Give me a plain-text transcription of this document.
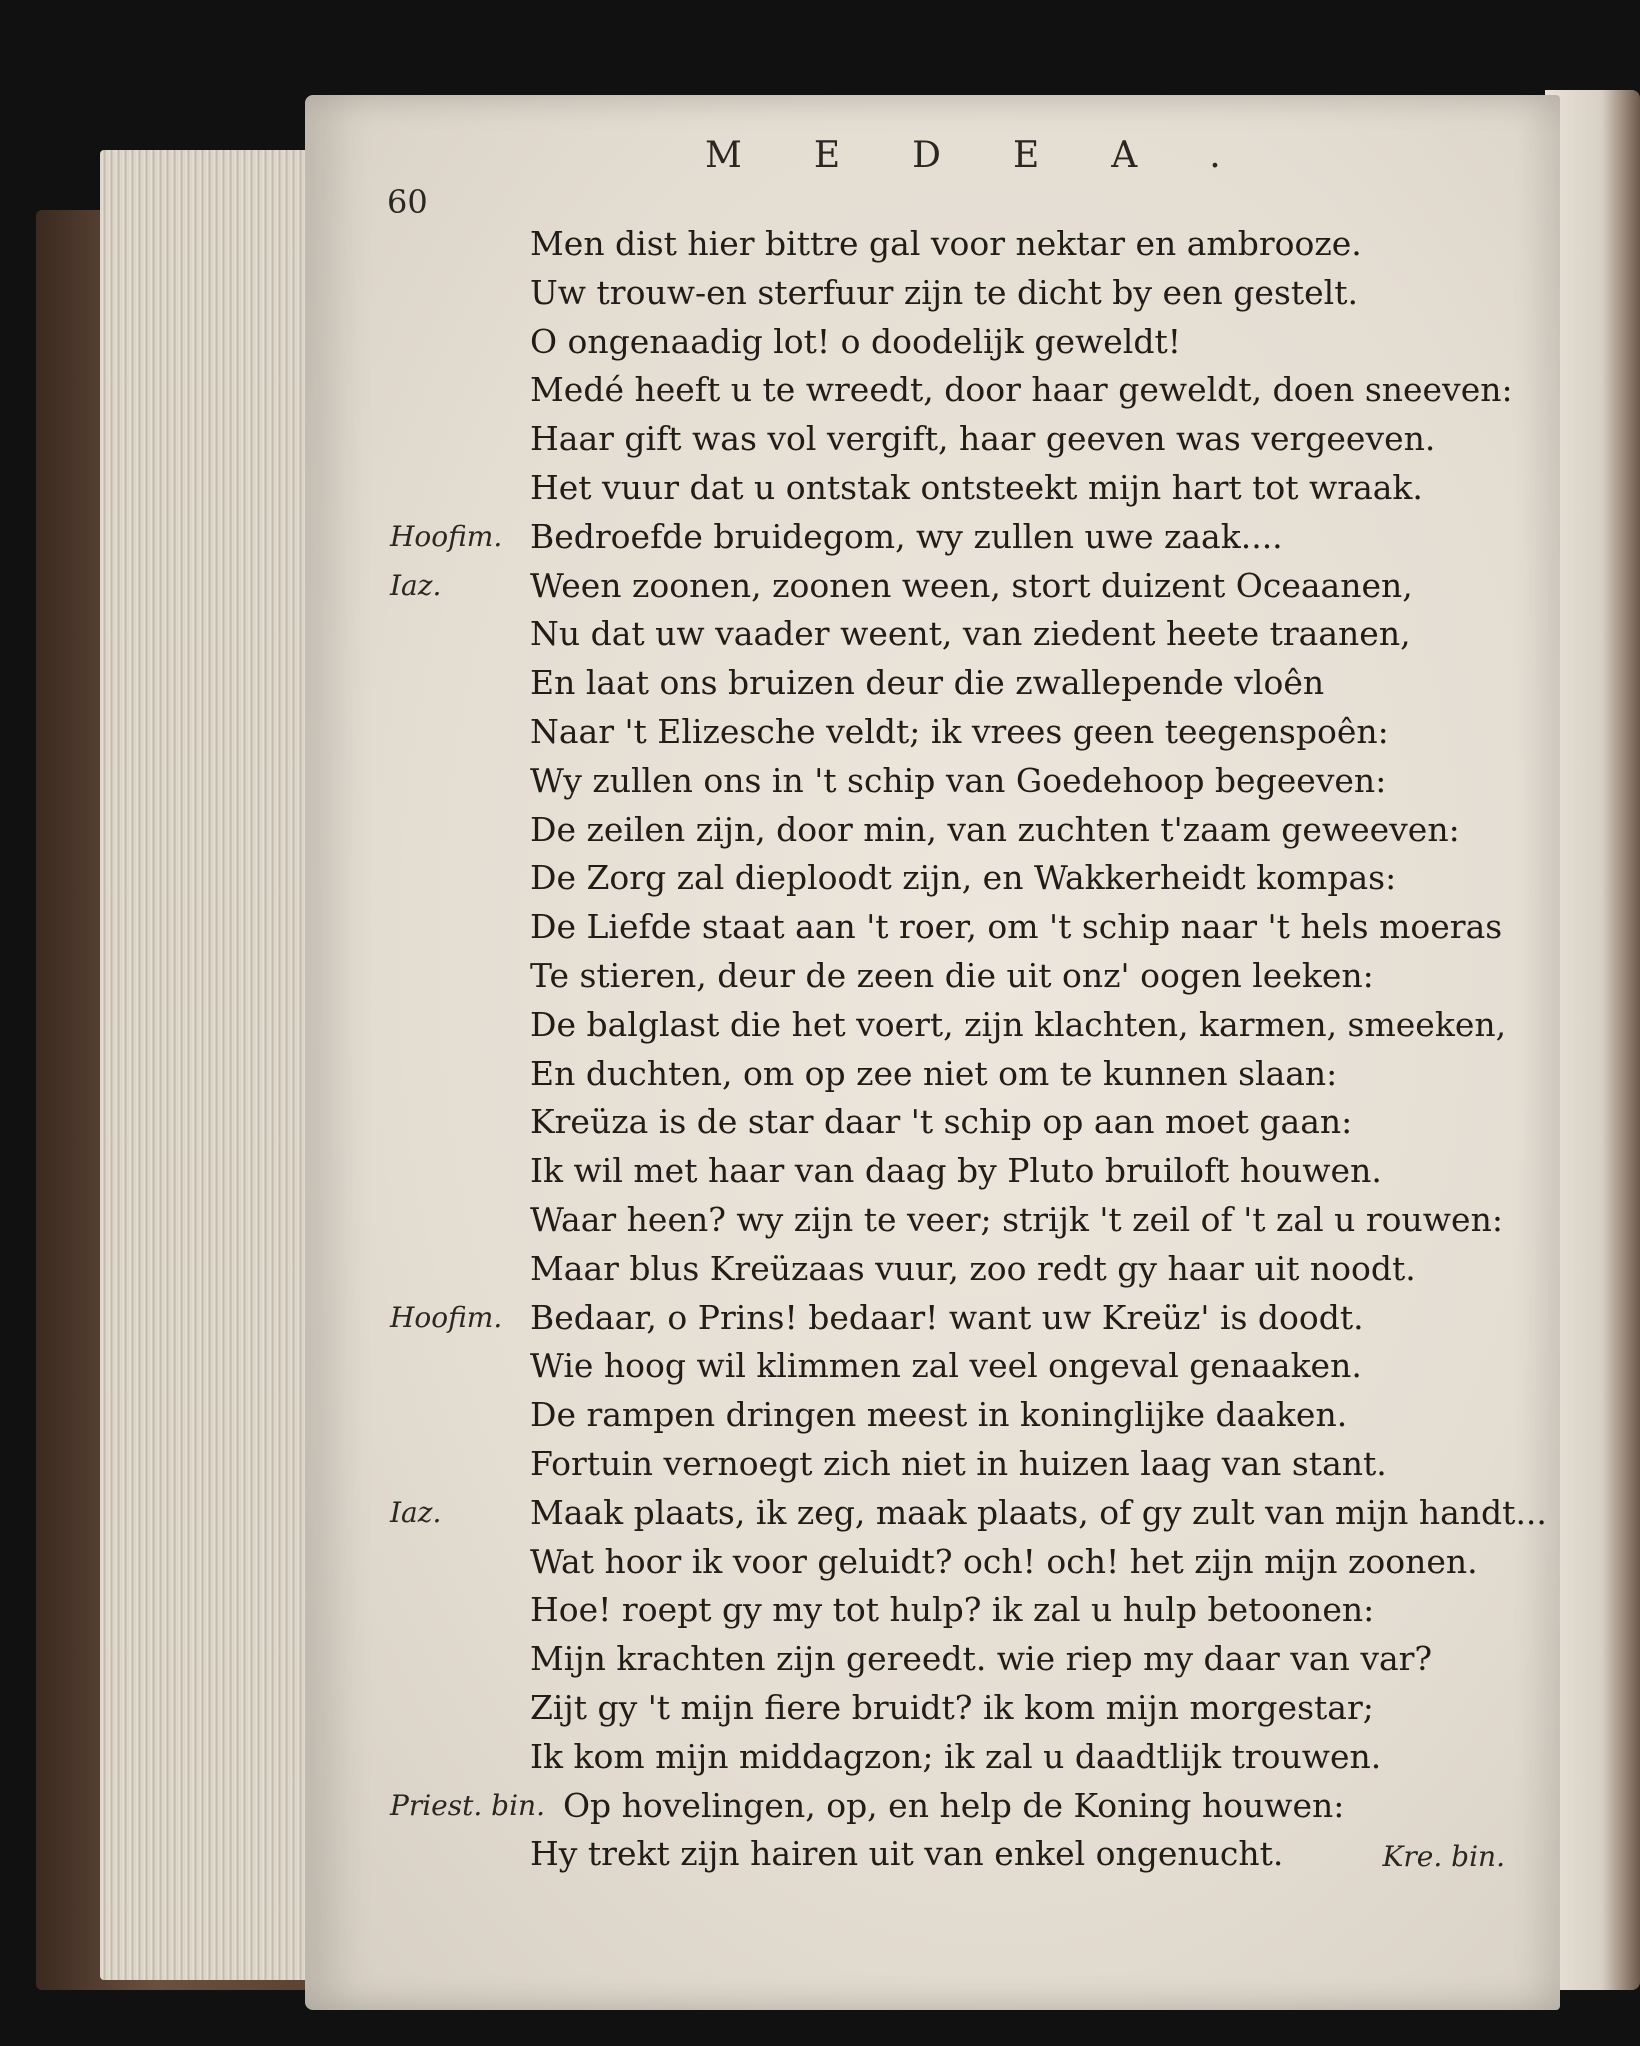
60
MEDEA.
Men dist hier bittre gal voor nektar en ambrooze.
Uw trouw-en sterfuur zijn te dicht by een gestelt.
O ongenaadig lot! o doodelijk geweldt!
Medé heeft u te wreedt, door haar geweldt, doen sneeven:
Haar gift was vol vergift, haar geeven was vergeeven.
Het vuur dat u ontstak ontsteekt mijn hart tot wraak.
Hoofim. Bedroefde bruidegom, wy zullen uwe zaak....
Iaz.	Ween zoonen, zoonen ween, stort duizent Oceaanen,
Nu dat uw vaader weent, van ziedent heete traanen,
En laat ons bruizen deur die zwallepende vloên
Naar 't Elizesche veldt; ik vrees geen teegenspoên:
Wy zullen ons in 't schip van Goedehoop begeeven:
De zeilen zijn, door min, van zuchten t'zaam geweeven:
De Zorg zal dieploodt zijn, en Wakkerheidt kompas:
De Liefde staat aan 't roer, om 't schip naar 't hels moeras
Te stieren, deur de zeen die uit onz' oogen leeken:
De balglast die het voert, zijn klachten, karmen, smeeken,
En duchten, om op zee niet om te kunnen slaan:
Kreüza is de star daar 't schip op aan moet gaan:
Ik wil met haar van daag by Pluto bruiloft houwen.
Waar heen? wy zijn te veer; strijk 't zeil of 't zal u rouwen:
Maar blus Kreüzaas vuur, zoo redt gy haar uit noodt.
Hoofim. Bedaar, o Prins! bedaar! want uw Kreüz' is doodt.
Wie hoog wil klimmen zal veel ongeval genaaken.
De rampen dringen meest in koninglijke daaken.
Fortuin vernoegt zich niet in huizen laag van stant.
Iaz.	Maak plaats, ik zeg, maak plaats, of gy zult van mijn handt...
Wat hoor ik voor geluidt? och! och! het zijn mijn zoonen.
Hoe! roept gy my tot hulp? ik zal u hulp betoonen:
Mijn krachten zijn gereedt. wie riep my daar van var?
Zijt gy 't mijn fiere bruidt? ik kom mijn morgestar;
Ik kom mijn middagzon; ik zal u daadtlijk trouwen.
Priest. bin. Op hovelingen, op, en help de Koning houwen:
Hy trekt zijn hairen uit van enkel ongenucht.	Kre. bin.
